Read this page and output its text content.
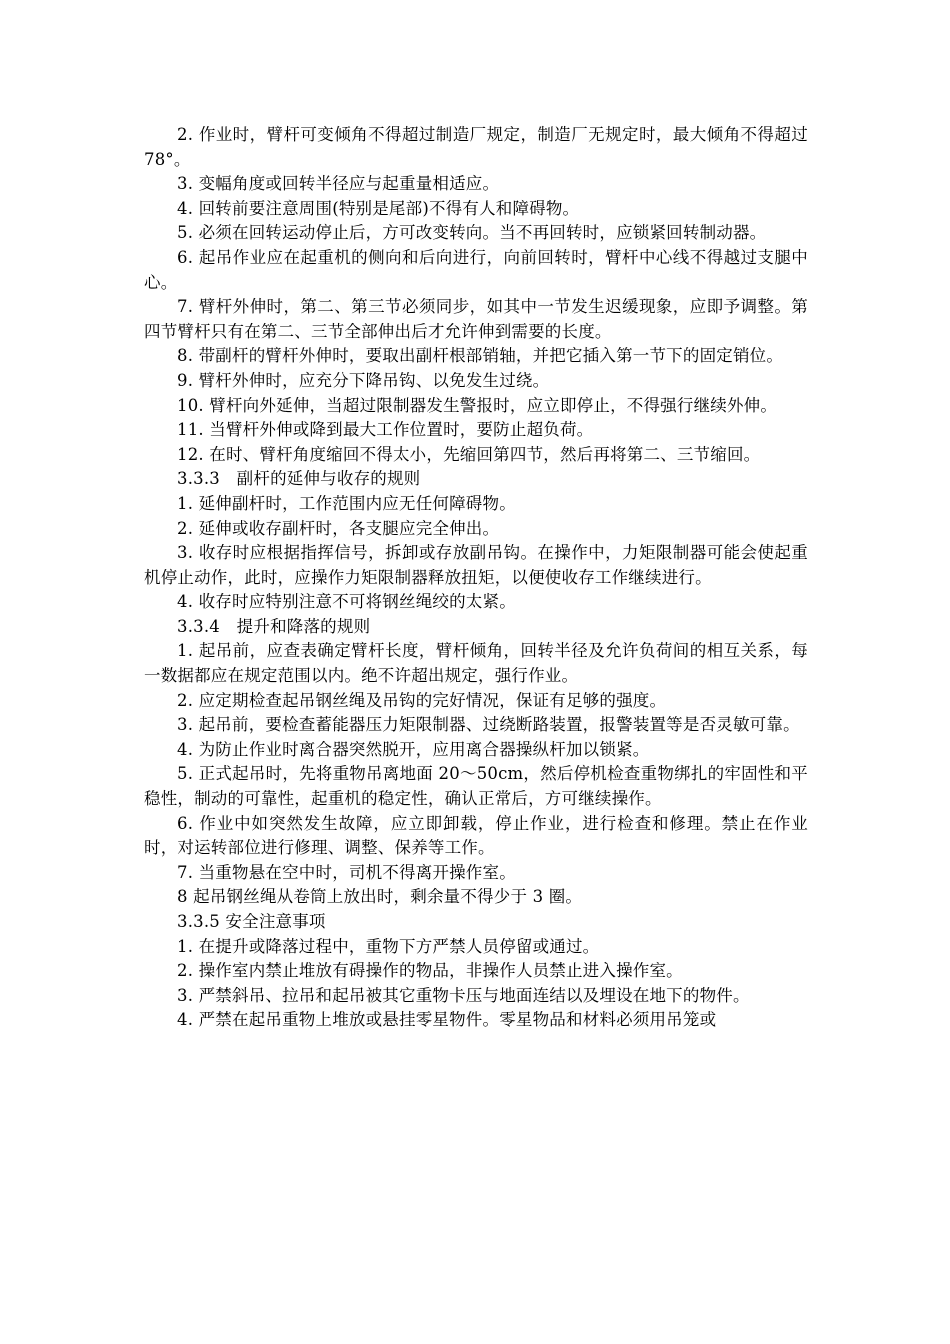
2. 作业时，臂杆可变倾角不得超过制造厂规定，制造厂无规定时，最大倾角不得超过 78°。

3. 变幅角度或回转半径应与起重量相适应。

4. 回转前要注意周围(特别是尾部)不得有人和障碍物。

5. 必须在回转运动停止后，方可改变转向。当不再回转时，应锁紧回转制动器。

6. 起吊作业应在起重机的侧向和后向进行，向前回转时，臂杆中心线不得越过支腿中心。

7. 臂杆外伸时，第二、第三节必须同步，如其中一节发生迟缓现象，应即予调整。第四节臂杆只有在第二、三节全部伸出后才允许伸到需要的长度。

8. 带副杆的臂杆外伸时，要取出副杆根部销轴，并把它插入第一节下的固定销位。

9. 臂杆外伸时，应充分下降吊钩、以免发生过绕。

10. 臂杆向外延伸，当超过限制器发生警报时，应立即停止，不得强行继续外伸。

11. 当臂杆外伸或降到最大工作位置时，要防止超负荷。

12. 在时、臂杆角度缩回不得太小，先缩回第四节，然后再将第二、三节缩回。

3.3.3　副杆的延伸与收存的规则

1. 延伸副杆时，工作范围内应无任何障碍物。

2. 延伸或收存副杆时，各支腿应完全伸出。

3. 收存时应根据指挥信号，拆卸或存放副吊钩。在操作中，力矩限制器可能会使起重机停止动作，此时，应操作力矩限制器释放扭矩，以便使收存工作继续进行。

4. 收存时应特别注意不可将钢丝绳绞的太紧。

3.3.4　提升和降落的规则

1. 起吊前，应查表确定臂杆长度，臂杆倾角，回转半径及允许负荷间的相互关系，每一数据都应在规定范围以内。绝不许超出规定，强行作业。

2. 应定期检查起吊钢丝绳及吊钩的完好情况，保证有足够的强度。

3. 起吊前，要检查蓄能器压力矩限制器、过绕断路装置，报警装置等是否灵敏可靠。

4. 为防止作业时离合器突然脱开，应用离合器操纵杆加以锁紧。

5. 正式起吊时，先将重物吊离地面 20～50cm，然后停机检查重物绑扎的牢固性和平稳性，制动的可靠性，起重机的稳定性，确认正常后，方可继续操作。

6. 作业中如突然发生故障，应立即卸载，停止作业，进行检查和修理。禁止在作业时，对运转部位进行修理、调整、保养等工作。

7. 当重物悬在空中时，司机不得离开操作室。

8 起吊钢丝绳从卷筒上放出时，剩余量不得少于 3 圈。

3.3.5 安全注意事项

1. 在提升或降落过程中，重物下方严禁人员停留或通过。

2. 操作室内禁止堆放有碍操作的物品，非操作人员禁止进入操作室。

3. 严禁斜吊、拉吊和起吊被其它重物卡压与地面连结以及埋设在地下的物件。

4. 严禁在起吊重物上堆放或悬挂零星物件。零星物品和材料必须用吊笼或
